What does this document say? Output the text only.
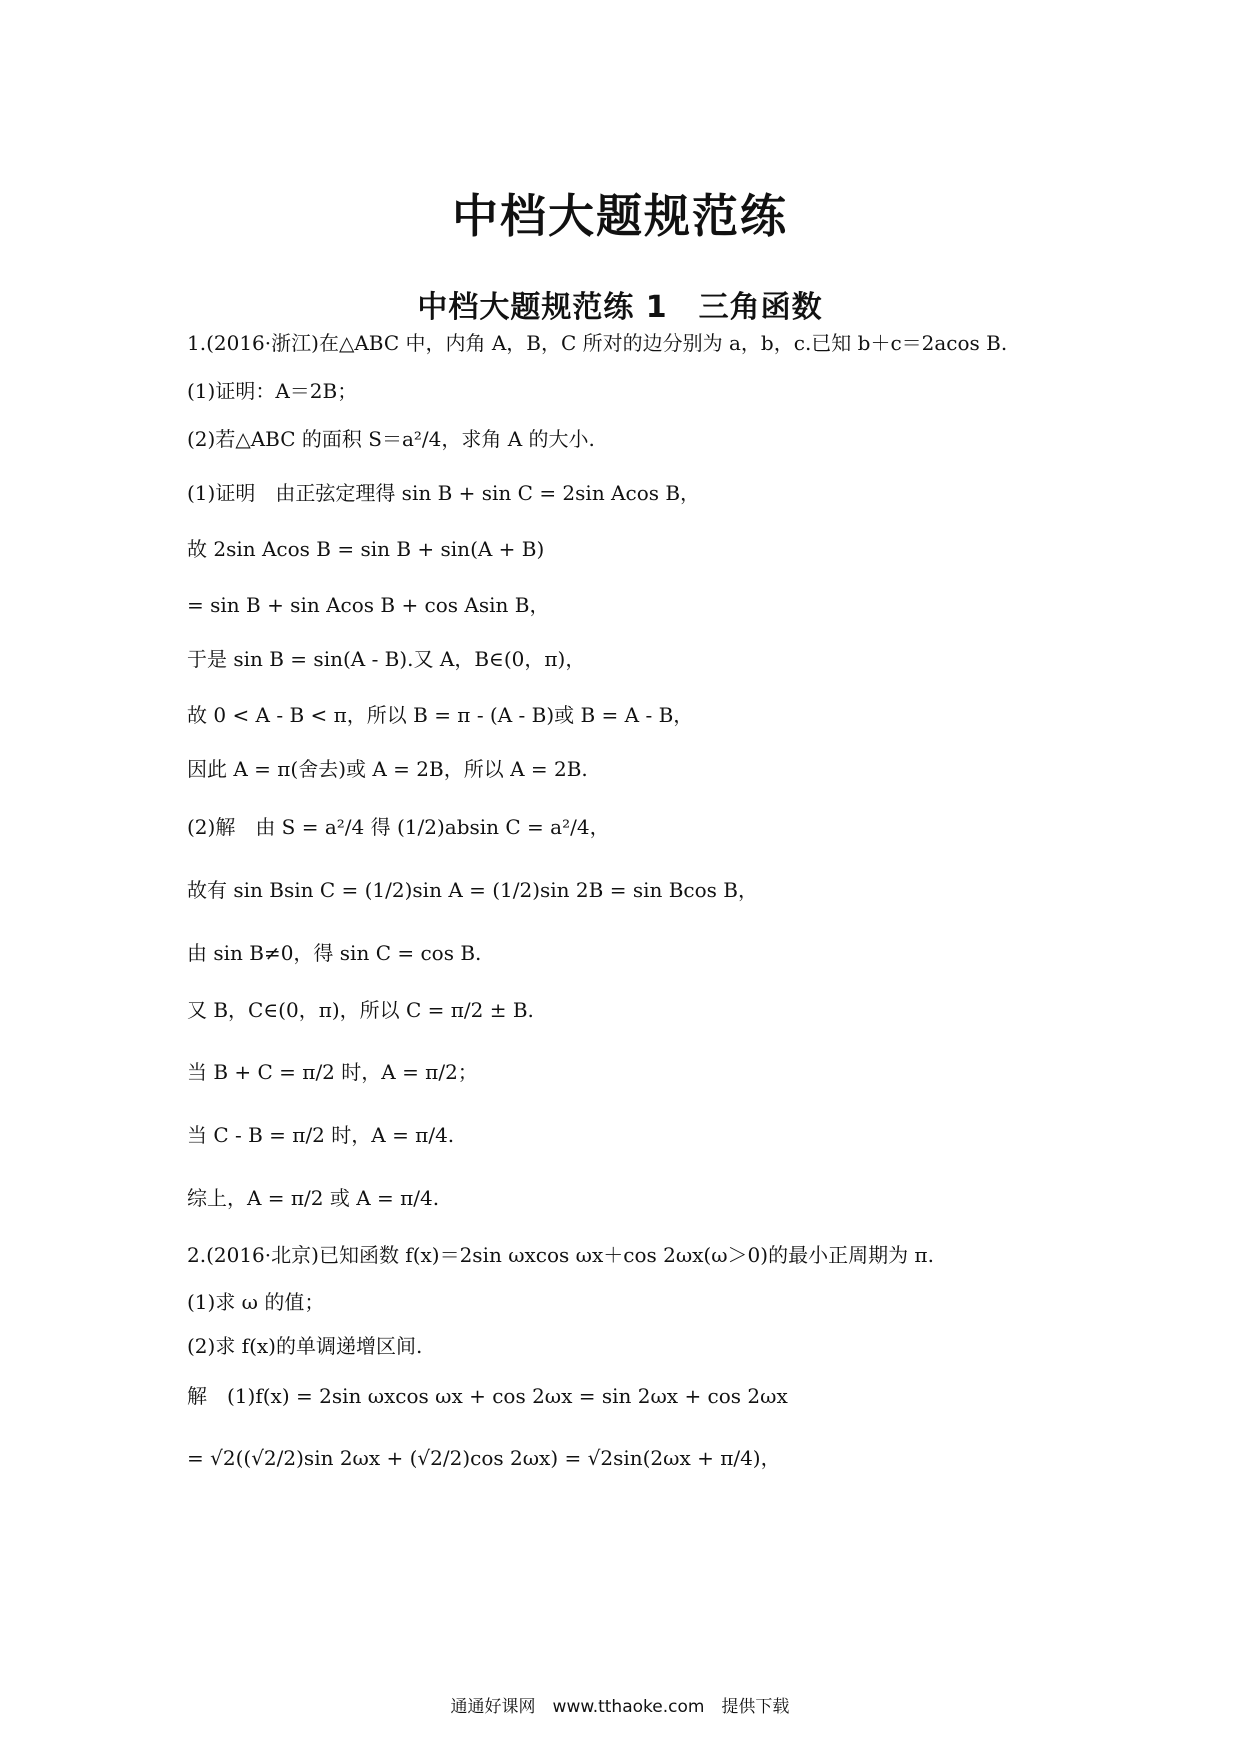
中档大题规范练
中档大题规范练 1　三角函数
1.(2016·浙江)在△ABC 中，内角 A，B，C 所对的边分别为 a，b，c.已知 b＋c＝2acos B.
(1)证明：A＝2B；
(2)若△ABC 的面积 S＝a²/4，求角 A 的大小.
(1)证明　由正弦定理得 sin B + sin C = 2sin Acos B，
故 2sin Acos B = sin B + sin(A + B)
= sin B + sin Acos B + cos Asin B，
于是 sin B = sin(A - B).又 A，B∈(0，π)，
故 0 < A - B < π，所以 B = π - (A - B)或 B = A - B，
因此 A = π(舍去)或 A = 2B，所以 A = 2B.
(2)解　由 S = a²/4 得 (1/2)absin C = a²/4，
故有 sin Bsin C = (1/2)sin A = (1/2)sin 2B = sin Bcos B，
由 sin B≠0，得 sin C = cos B.
又 B，C∈(0，π)，所以 C = π/2 ± B.
当 B + C = π/2 时，A = π/2；
当 C - B = π/2 时，A = π/4.
综上，A = π/2 或 A = π/4.
2.(2016·北京)已知函数 f(x)＝2sin ωxcos ωx＋cos 2ωx(ω＞0)的最小正周期为 π.
(1)求 ω 的值；
(2)求 f(x)的单调递增区间.
解　(1)f(x) = 2sin ωxcos ωx + cos 2ωx = sin 2ωx + cos 2ωx
= √2((√2/2)sin 2ωx + (√2/2)cos 2ωx) = √2sin(2ωx + π/4)，
通通好课网　www.tthaoke.com　提供下载
